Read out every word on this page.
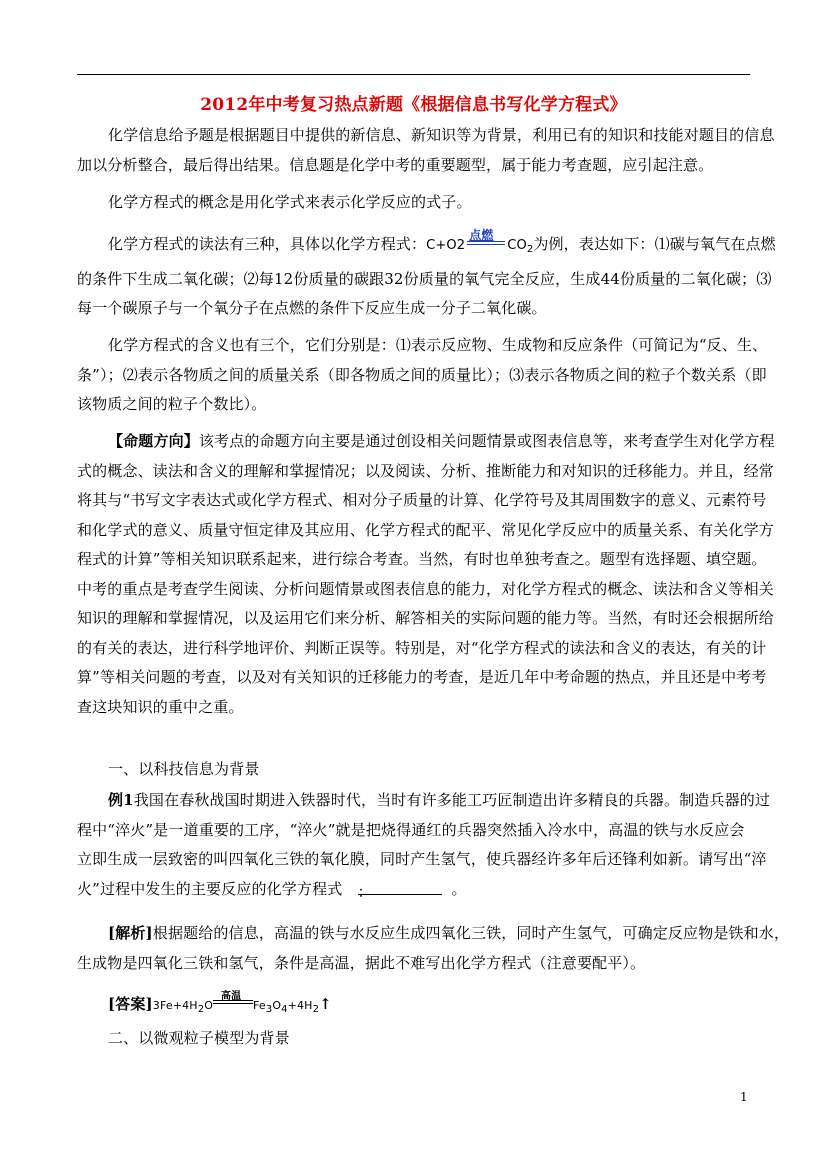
2012年中考复习热点新题《根据信息书写化学方程式》
化学信息给予题是根据题目中提供的新信息、新知识等为背景，利用已有的知识和技能对题目的信息
加以分析整合，最后得出结果。信息题是化学中考的重要题型，属于能力考查题，应引起注意。
化学方程式的概念是用化学式来表示化学反应的式子。
化学方程式的读法有三种，具体以化学方程式：C+O2
点燃
$CO_2$为例，表达如下：⑴碳与氧气在点燃
的条件下生成二氧化碳；⑵每12份质量的碳跟32份质量的氧气完全反应，生成44份质量的二氧化碳；⑶
每一个碳原子与一个氧分子在点燃的条件下反应生成一分子二氧化碳。
化学方程式的含义也有三个，它们分别是：⑴表示反应物、生成物和反应条件（可简记为“反、生、
条”）；⑵表示各物质之间的质量关系（即各物质之间的质量比）；⑶表示各物质之间的粒子个数关系（即
该物质之间的粒子个数比）。
【命题方向】该考点的命题方向主要是通过创设相关问题情景或图表信息等，来考查学生对化学方程
式的概念、读法和含义的理解和掌握情况；以及阅读、分析、推断能力和对知识的迁移能力。并且，经常
将其与“书写文字表达式或化学方程式、相对分子质量的计算、化学符号及其周围数字的意义、元素符号
和化学式的意义、质量守恒定律及其应用、化学方程式的配平、常见化学反应中的质量关系、有关化学方
程式的计算”等相关知识联系起来，进行综合考查。当然，有时也单独考查之。题型有选择题、填空题。
中考的重点是考查学生阅读、分析问题情景或图表信息的能力，对化学方程式的概念、读法和含义等相关
知识的理解和掌握情况，以及运用它们来分析、解答相关的实际问题的能力等。当然，有时还会根据所给
的有关的表达，进行科学地评价、判断正误等。特别是，对“化学方程式的读法和含义的表达，有关的计
算”等相关问题的考查，以及对有关知识的迁移能力的考查，是近几年中考命题的热点，并且还是中考考
查这块知识的重中之重。
一、以科技信息为背景
例1我国在春秋战国时期进入铁器时代，当时有许多能工巧匠制造出许多精良的兵器。制造兵器的过
程中“淬火”是一道重要的工序，“淬火”就是把烧得通红的兵器突然插入冷水中，高温的铁与水反应会
立即生成一层致密的叫四氧化三铁的氧化膜，同时产生氢气，使兵器经许多年后还锋利如新。请写出“淬
火”过程中发生的主要反应的化学方程式　：	。
[解析]根据题给的信息，高温的铁与水反应生成四氧化三铁，同时产生氢气，可确定反应物是铁和水，
生成物是四氧化三铁和氢气，条件是高温，据此不难写出化学方程式（注意要配平）。
[答案]3Fe+4H2O
高温
Fe3O4+4H2↑
二、以微观粒子模型为背景
1
